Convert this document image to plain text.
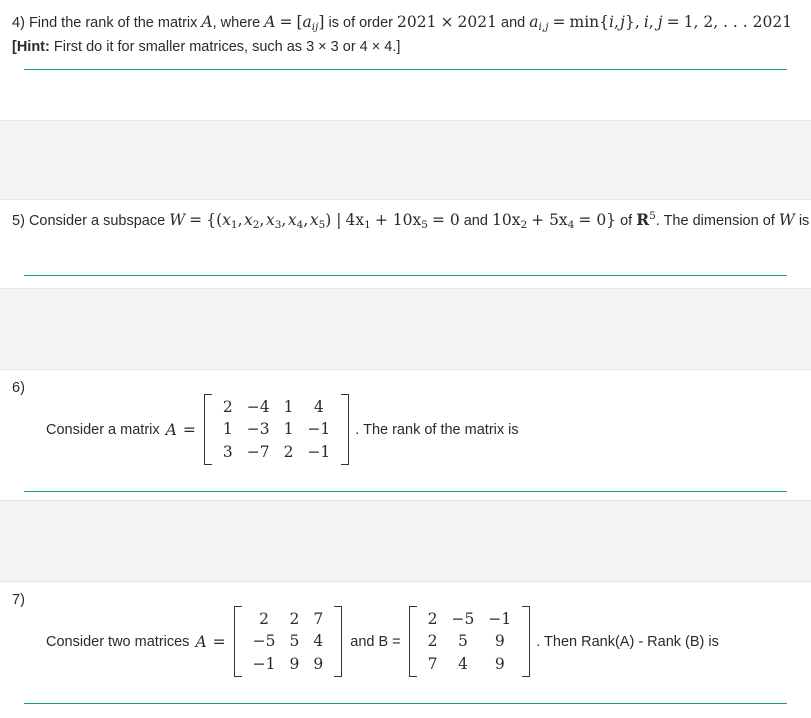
4) Find the rank of the matrix A, where $A = [a_{ij}]$ is of order 2021 × 2021 and $a_{i,j} = \min\{i$, j}, i, j = 1, 2, . . . 2021
[Hint: First do it for smaller matrices, such as 3 × 3 or 4 × 4.]
5) Consider a subspace $W = \{(x_1$, $x_2$, $x_3$, $x_4$, $x_5$) | $4x_1 + 10x_5 = 0$ and $10x_2 + 5x_4 = 0$} of $R^5$. The dimension of W is
6)
Consider a matrix A =
2 −4 1	4
1 −3 1 −1
3 −7 2 −1
. The rank of the matrix is
7)
Consider two matrices A =
2	2 7
−5 5 4
−1 9 9
and B =
2 −5 −1
2	5	9
7	4	9
. Then Rank(A) - Rank (B) is
